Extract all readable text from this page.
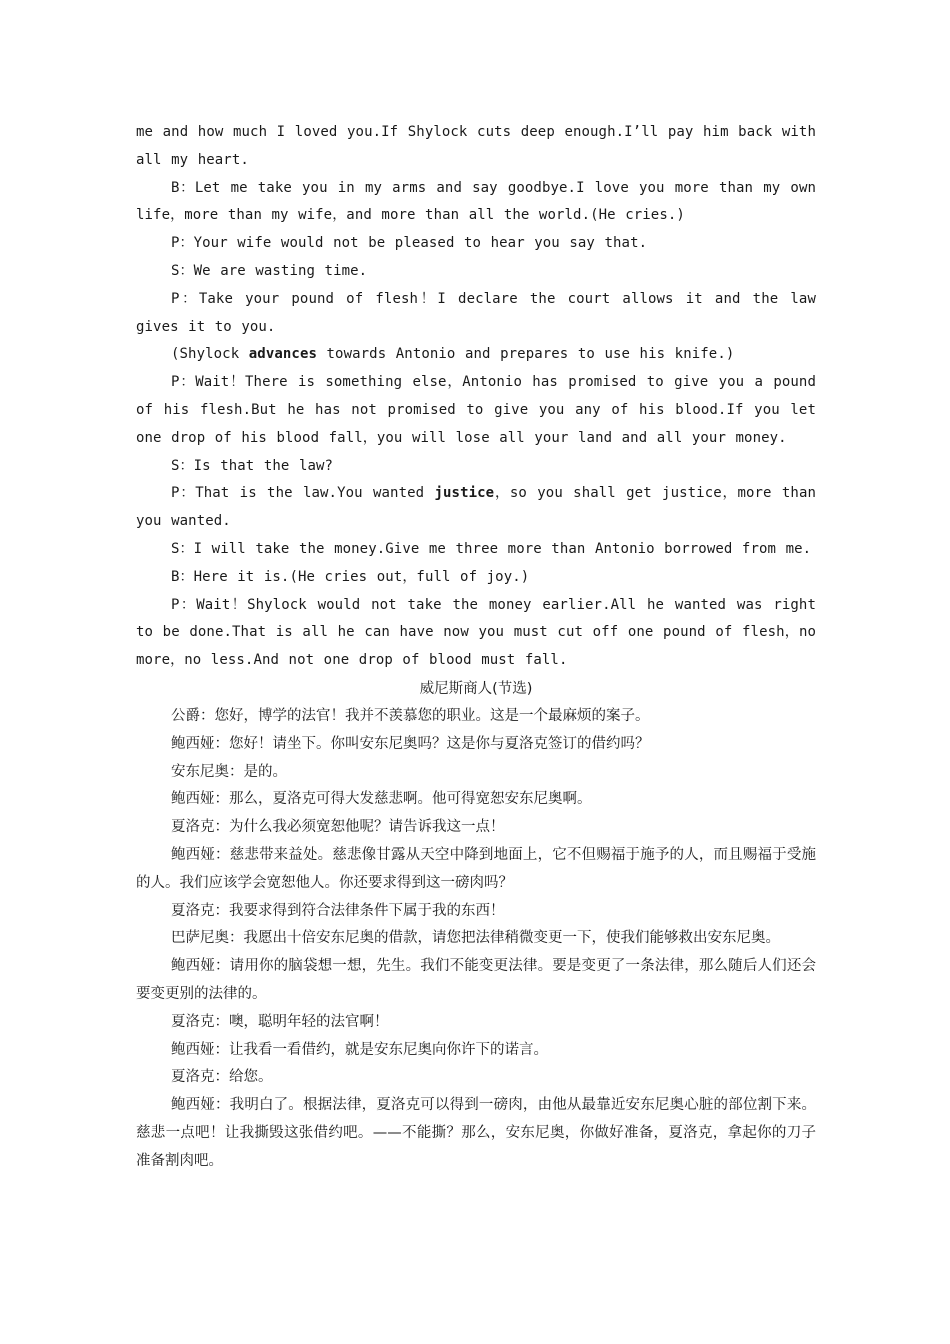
me and how much I loved you.If Shylock cuts deep enough.I’ll pay him back with all my heart.

B：Let me take you in my arms and say goodbye.I love you more than my own life，more than my wife，and more than all the world.(He cries.)

P：Your wife would not be pleased to hear you say that.

S：We are wasting time.

P：Take your pound of flesh！I declare the court allows it and the law gives it to you.

(Shylock advances towards Antonio and prepares to use his knife.)

P：Wait！There is something else，Antonio has promised to give you a pound of his flesh.But he has not promised to give you any of his blood.If you let one drop of his blood fall，you will lose all your land and all your money.

S：Is that the law?

P：That is the law.You wanted justice，so you shall get justice，more than you wanted.

S：I will take the money.Give me three more than Antonio borrowed from me.

B：Here it is.(He cries out，full of joy.)

P：Wait！Shylock would not take the money earlier.All he wanted was right to be done.That is all he can have now you must cut off one pound of flesh，no more，no less.And not one drop of blood must fall.

威尼斯商人(节选)

公爵：您好，博学的法官！我并不羡慕您的职业。这是一个最麻烦的案子。

鲍西娅：您好！请坐下。你叫安东尼奥吗？这是你与夏洛克签订的借约吗？

安东尼奥：是的。

鲍西娅：那么，夏洛克可得大发慈悲啊。他可得宽恕安东尼奥啊。

夏洛克：为什么我必须宽恕他呢？请告诉我这一点！

鲍西娅：慈悲带来益处。慈悲像甘露从天空中降到地面上，它不但赐福于施予的人，而且赐福于受施的人。我们应该学会宽恕他人。你还要求得到这一磅肉吗？

夏洛克：我要求得到符合法律条件下属于我的东西！

巴萨尼奥：我愿出十倍安东尼奥的借款，请您把法律稍微变更一下，使我们能够救出安东尼奥。

鲍西娅：请用你的脑袋想一想，先生。我们不能变更法律。要是变更了一条法律，那么随后人们还会要变更别的法律的。

夏洛克：噢，聪明年轻的法官啊！

鲍西娅：让我看一看借约，就是安东尼奥向你许下的诺言。

夏洛克：给您。

鲍西娅：我明白了。根据法律，夏洛克可以得到一磅肉，由他从最靠近安东尼奥心脏的部位割下来。慈悲一点吧！让我撕毁这张借约吧。——不能撕？那么，安东尼奥，你做好准备，夏洛克，拿起你的刀子准备割肉吧。
